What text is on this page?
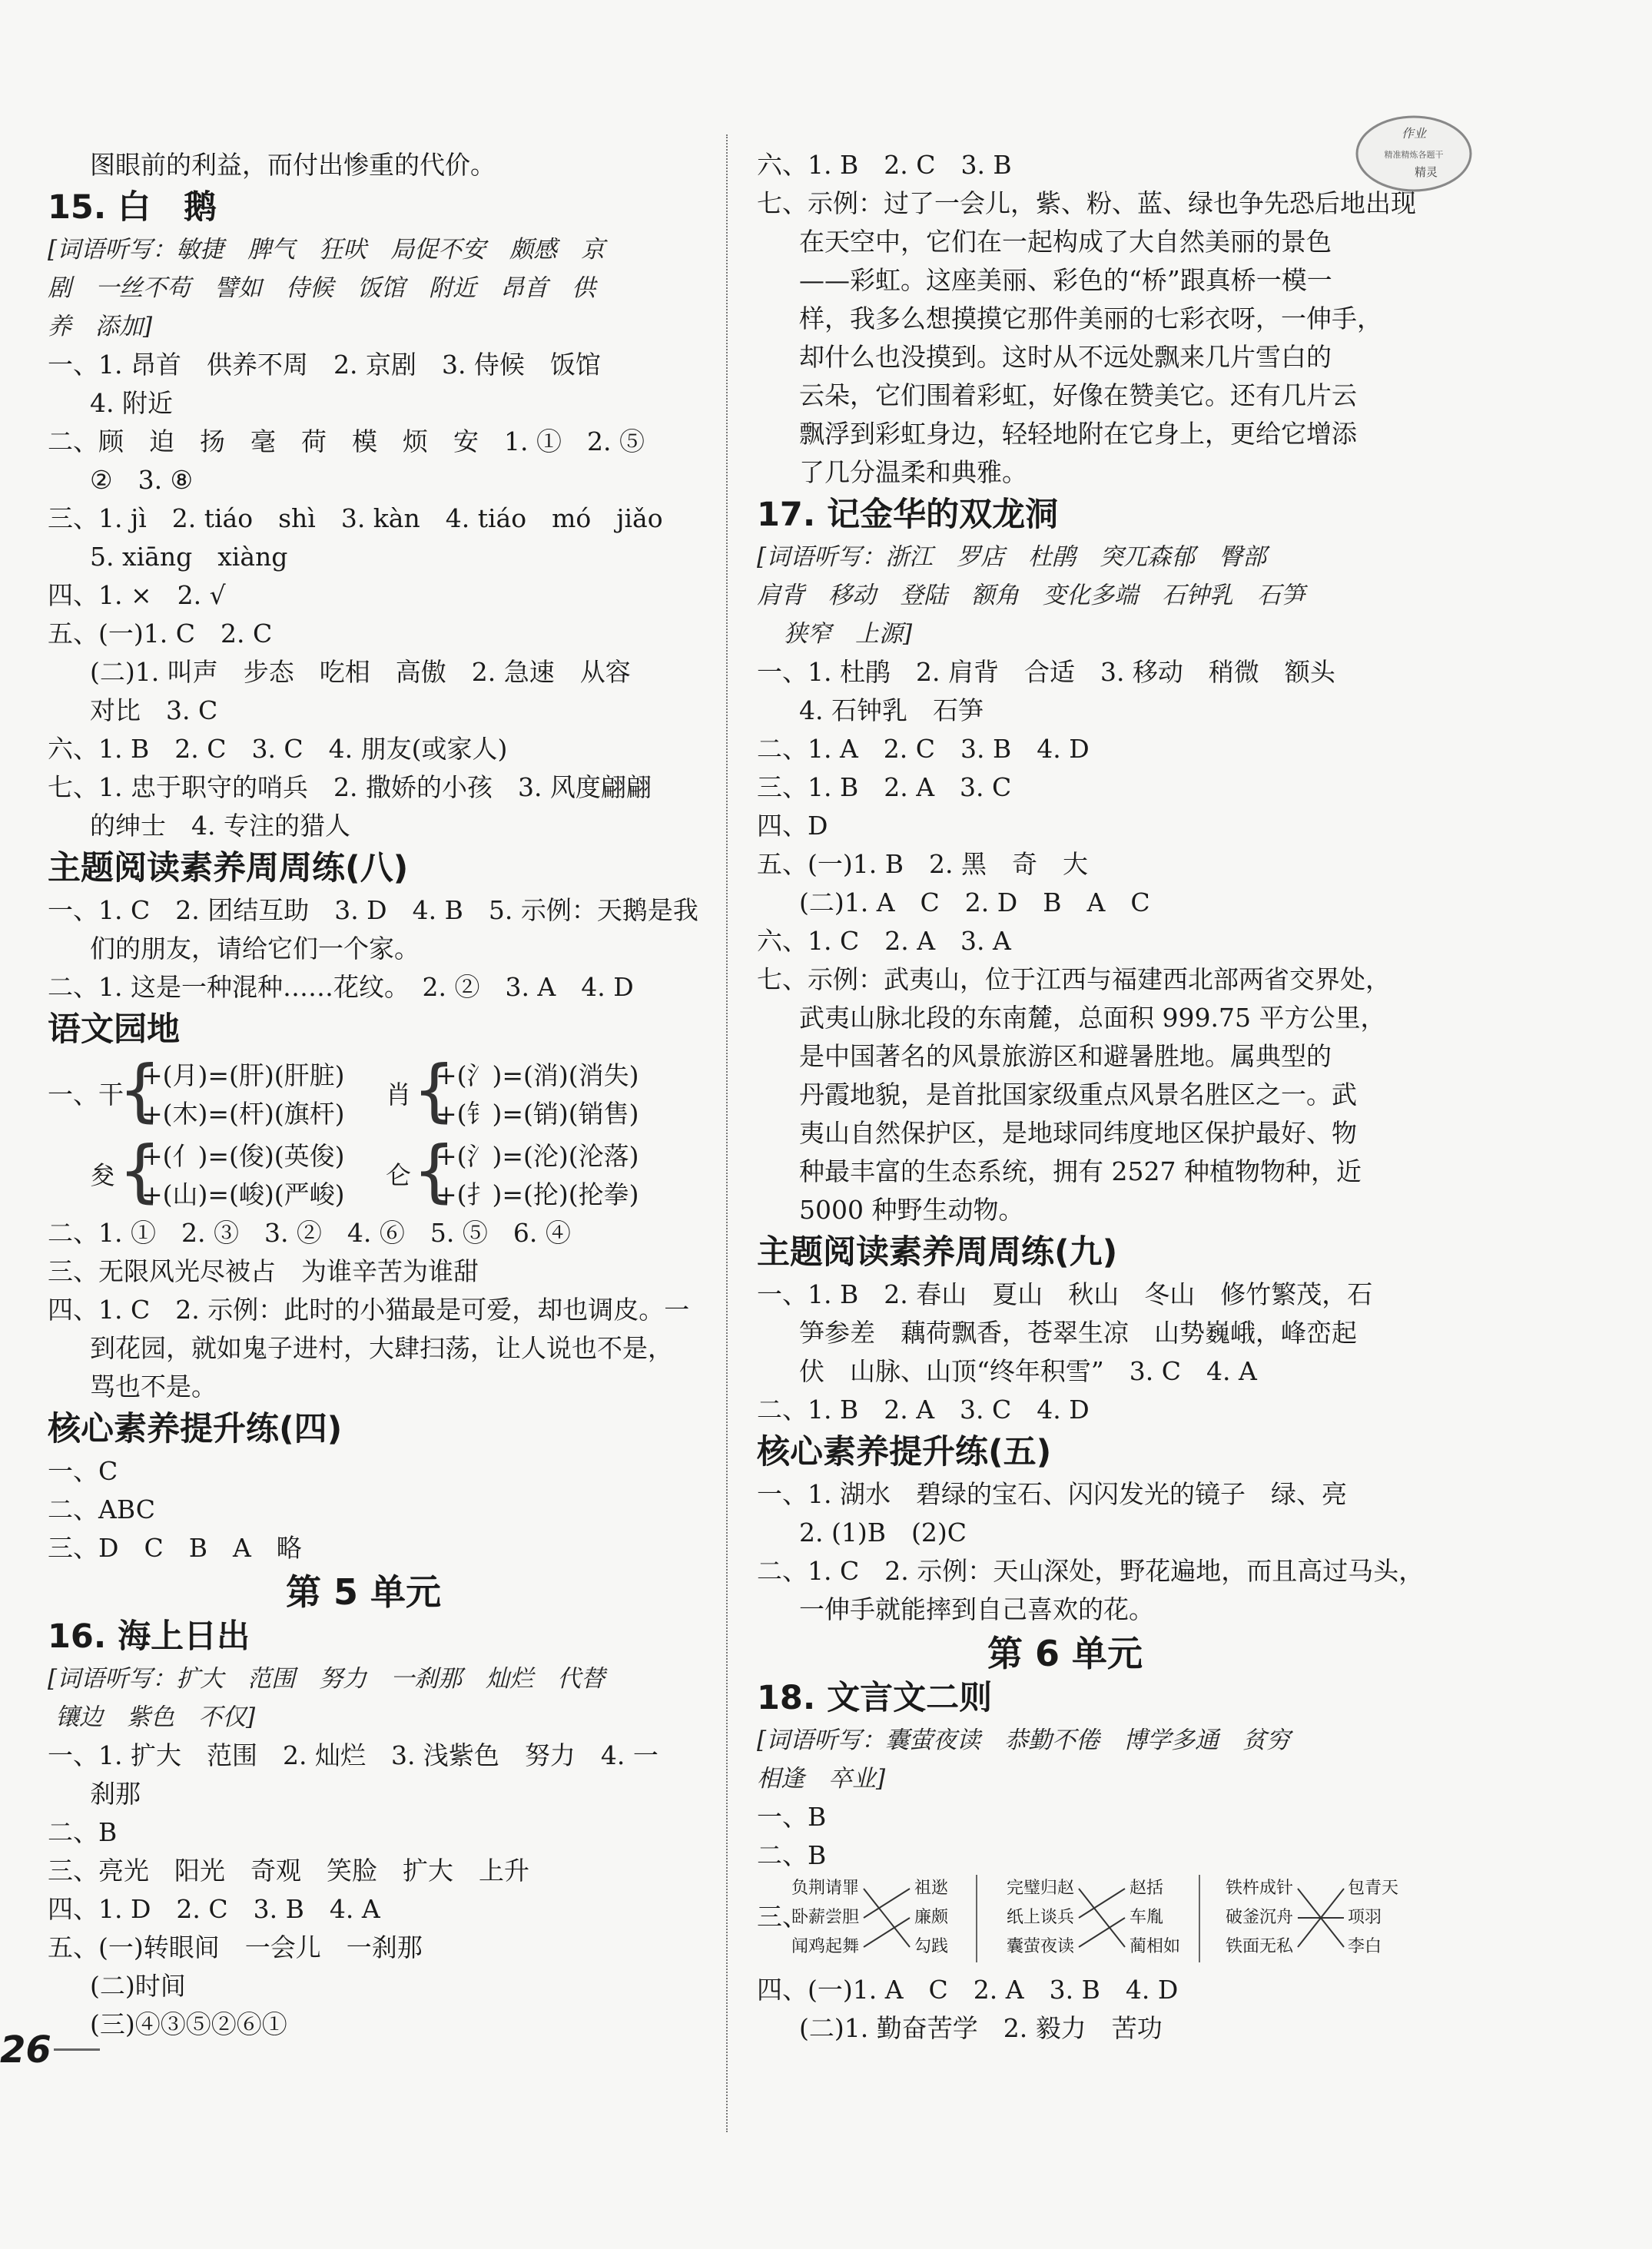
作业
精准精炼各题干
精灵
图眼前的利益，而付出惨重的代价。
15. 白　鹅
[词语听写：敏捷　脾气　狂吠　局促不安　颇感　京
剧　一丝不苟　譬如　侍候　饭馆　附近　昂首　供
养　添加]
一、1. 昂首　供养不周　2. 京剧　3. 侍候　饭馆
4. 附近
二、顾　迫　扬　毫　荷　模　烦　安　1. ①　2. ⑤
②　3. ⑧
三、1. jì　2. tiáo　shì　3. kàn　4. tiáo　mó　jiǎo
5. xiāng　xiàng
四、1. ×　2. √
五、(一)1. C　2. C
(二)1. 叫声　步态　吃相　高傲　2. 急速　从容
对比　3. C
六、1. B　2. C　3. C　4. 朋友(或家人)
七、1. 忠于职守的哨兵　2. 撒娇的小孩　3. 风度翩翩
的绅士　4. 专注的猎人
主题阅读素养周周练(八)
一、1. C　2. 团结互助　3. D　4. B　5. 示例：天鹅是我
们的朋友，请给它们一个家。
二、1. 这是一种混种……花纹。　2. ②　3. A　4. D
语文园地
一、干
{
+(月)=(肝)(肝脏)
+(木)=(杆)(旗杆)
肖 {
+(氵)=(消)(消失)
+(钅)=(销)(销售)
夋 {
+(亻)=(俊)(英俊)
+(山)=(峻)(严峻)
仑 {
+(氵)=(沦)(沦落)
+(扌)=(抡)(抡拳)
二、1. ①　2. ③　3. ②　4. ⑥　5. ⑤　6. ④
三、无限风光尽被占　为谁辛苦为谁甜
四、1. C　2. 示例：此时的小猫最是可爱，却也调皮。一
到花园，就如鬼子进村，大肆扫荡，让人说也不是，
骂也不是。
核心素养提升练(四)
一、C
二、ABC
三、D　C　B　A　略
第 5 单元
16. 海上日出
[词语听写：扩大　范围　努力　一刹那　灿烂　代替
镶边　紫色　不仅]
一、1. 扩大　范围　2. 灿烂　3. 浅紫色　努力　4. 一
刹那
二、B
三、亮光　阳光　奇观　笑脸　扩大　上升
四、1. D　2. C　3. B　4. A
五、(一)转眼间　一会儿　一刹那
(二)时间
(三)④③⑤②⑥①
六、1. B　2. C　3. B
七、示例：过了一会儿，紫、粉、蓝、绿也争先恐后地出现
在天空中，它们在一起构成了大自然美丽的景色
——彩虹。这座美丽、彩色的“桥”跟真桥一模一
样，我多么想摸摸它那件美丽的七彩衣呀，一伸手，
却什么也没摸到。这时从不远处飘来几片雪白的
云朵，它们围着彩虹，好像在赞美它。还有几片云
飘浮到彩虹身边，轻轻地附在它身上，更给它增添
了几分温柔和典雅。
17. 记金华的双龙洞
[词语听写：浙江　罗店　杜鹃　突兀森郁　臀部
肩背　移动　登陆　额角　变化多端　石钟乳　石笋
狭窄　上源]
一、1. 杜鹃　2. 肩背　合适　3. 移动　稍微　额头
4. 石钟乳　石笋
二、1. A　2. C　3. B　4. D
三、1. B　2. A　3. C
四、D
五、(一)1. B　2. 黑　奇　大
(二)1. A　C　2. D　B　A　C
六、1. C　2. A　3. A
七、示例：武夷山，位于江西与福建西北部两省交界处，
武夷山脉北段的东南麓，总面积 999.75 平方公里，
是中国著名的风景旅游区和避暑胜地。属典型的
丹霞地貌，是首批国家级重点风景名胜区之一。武
夷山自然保护区，是地球同纬度地区保护最好、物
种最丰富的生态系统，拥有 2527 种植物物种，近
5000 种野生动物。
主题阅读素养周周练(九)
一、1. B　2. 春山　夏山　秋山　冬山　修竹繁茂，石
笋参差　藕荷飘香，苍翠生凉　山势巍峨，峰峦起
伏　山脉、山顶“终年积雪”　3. C　4. A
二、1. B　2. A　3. C　4. D
核心素养提升练(五)
一、1. 湖水　碧绿的宝石、闪闪发光的镜子　绿、亮
2. (1)B　(2)C
二、1. C　2. 示例：天山深处，野花遍地，而且高过马头，
一伸手就能摔到自己喜欢的花。
第 6 单元
18. 文言文二则
[词语听写：囊萤夜读　恭勤不倦　博学多通　贫穷
相逢　卒业]
一、B
二、B
三、
负荆请罪
卧薪尝胆
闻鸡起舞
祖逖
廉颇
勾践
完璧归赵
纸上谈兵
囊萤夜读
赵括
车胤
蔺相如
铁杵成针
破釜沉舟
铁面无私
包青天
项羽
李白
四、(一)1. A　C　2. A　3. B　4. D
(二)1. 勤奋苦学　2. 毅力　苦功
26
